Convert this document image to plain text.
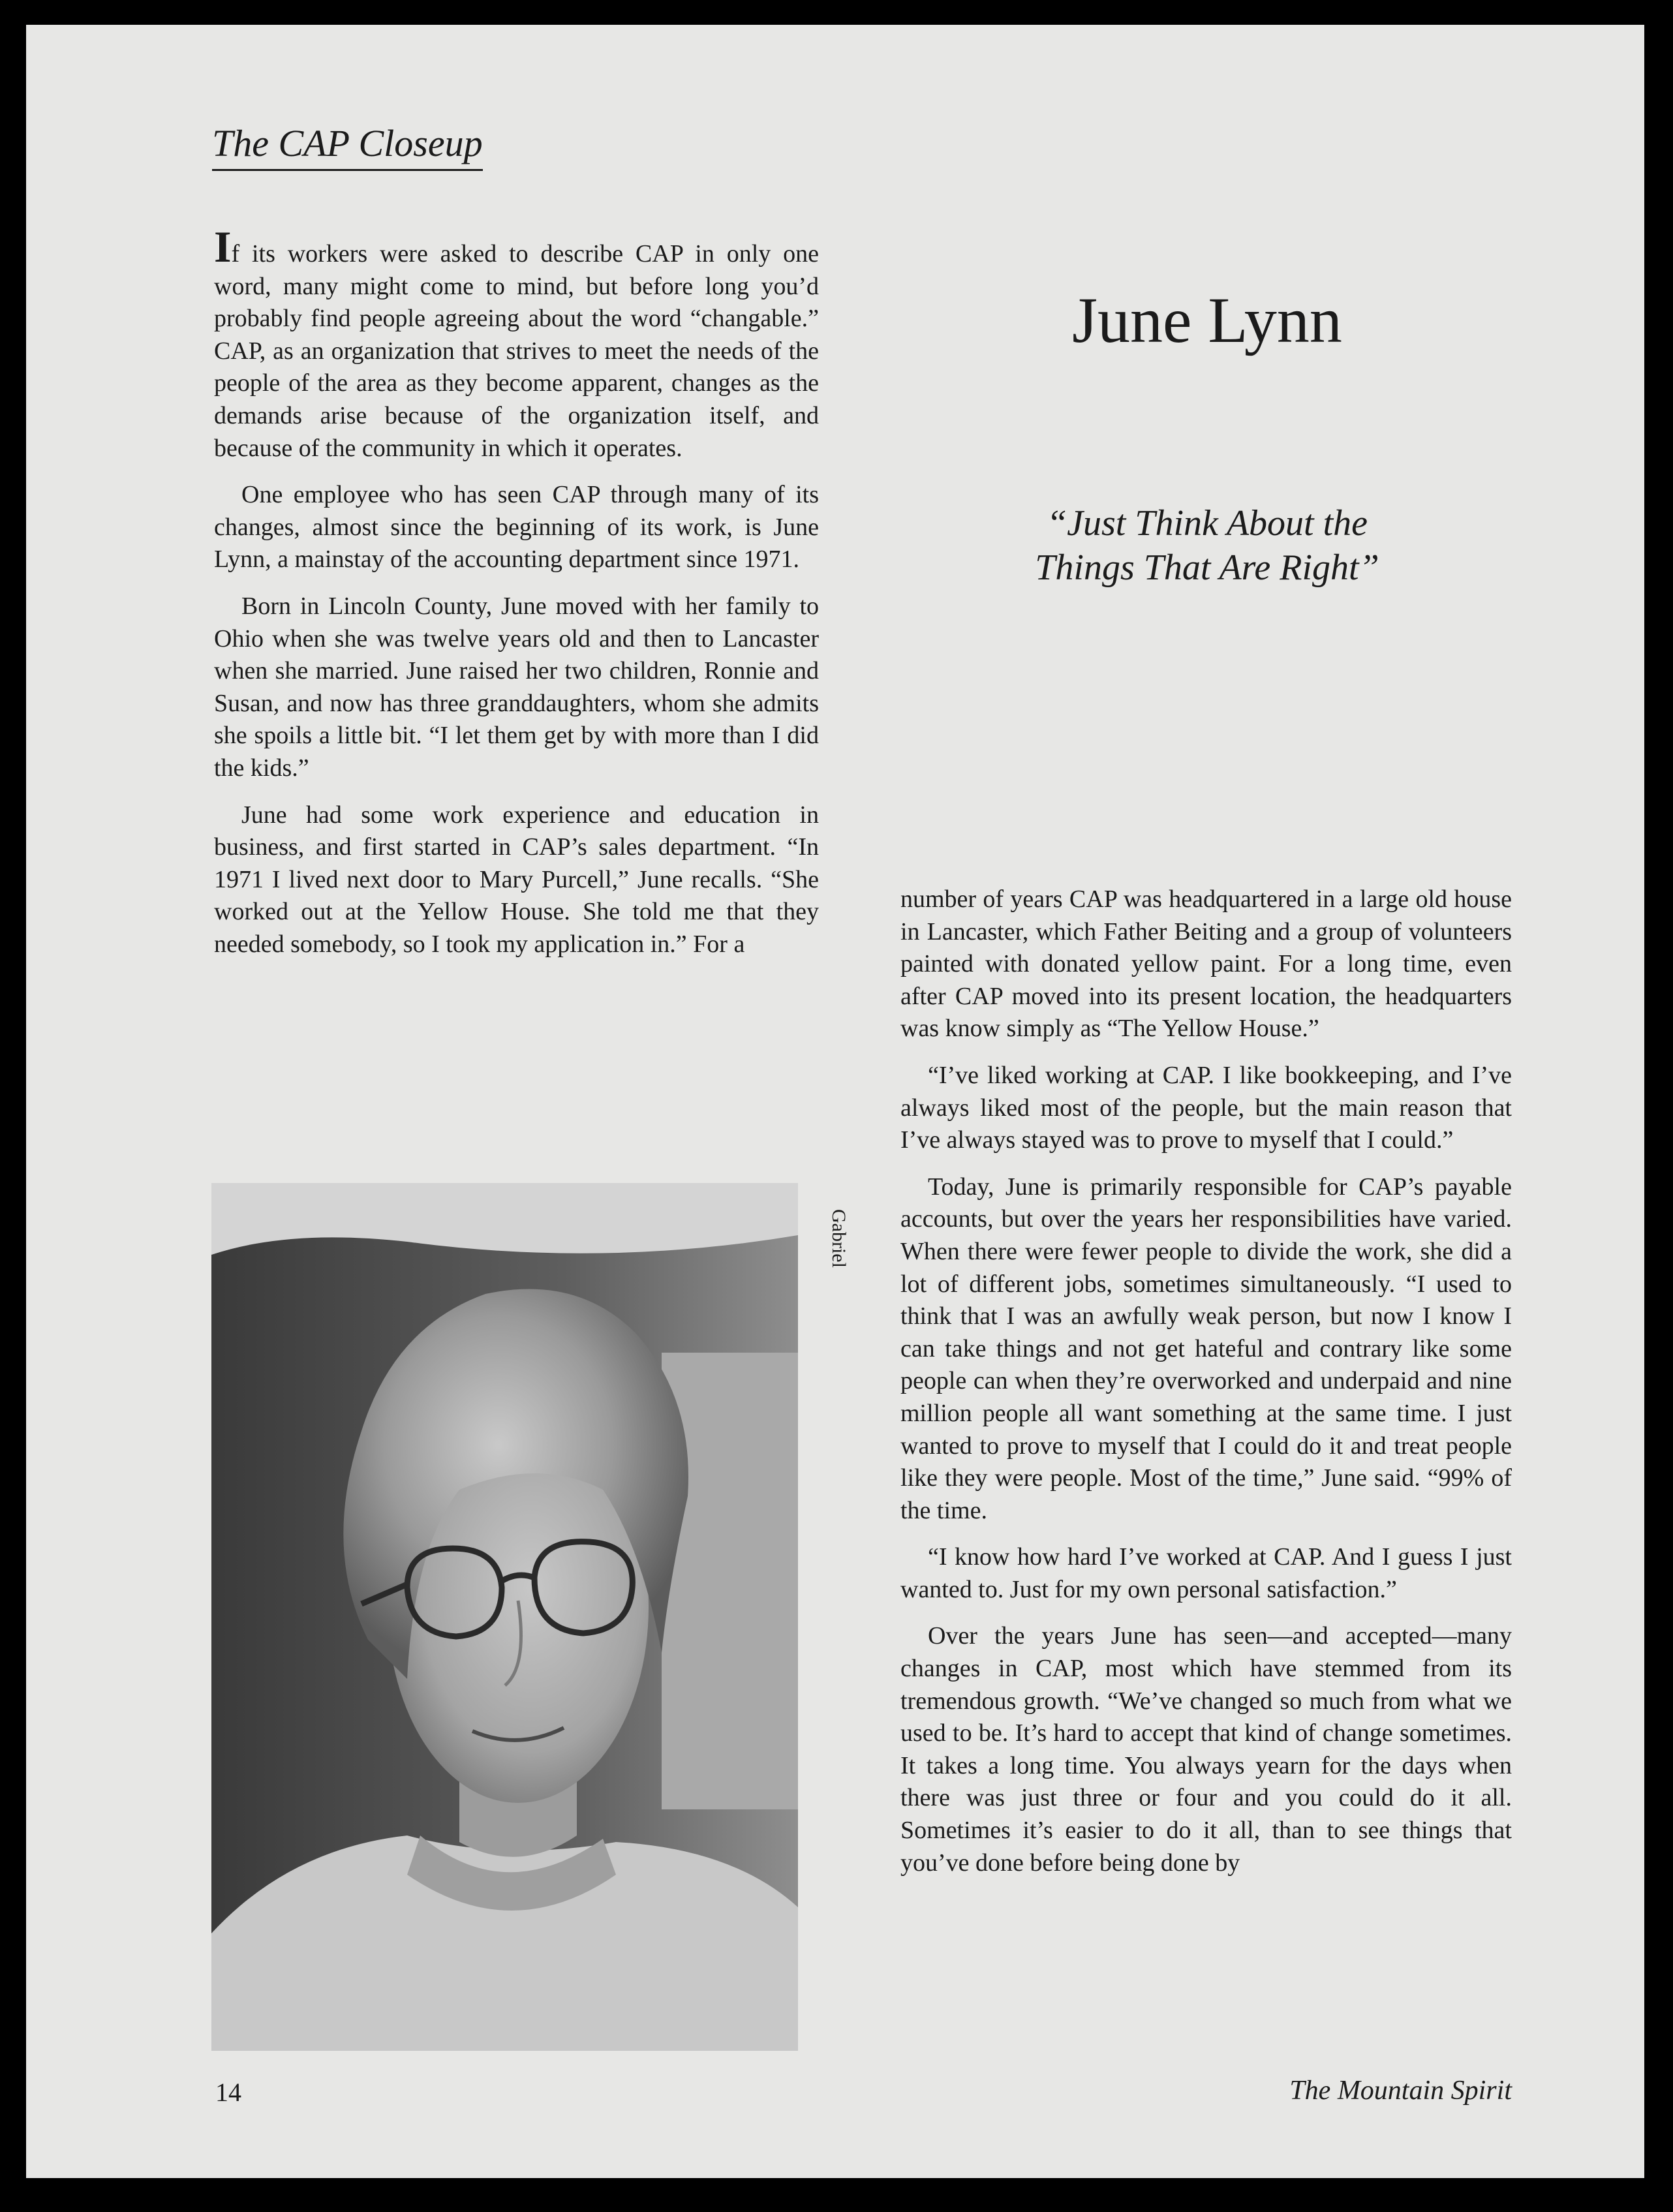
The CAP Closeup

If its workers were asked to describe CAP in only one word, many might come to mind, but before long you’d probably find people agreeing about the word “changable.” CAP, as an organization that strives to meet the needs of the people of the area as they become apparent, changes as the demands arise because of the organization itself, and because of the community in which it operates.

One employee who has seen CAP through many of its changes, almost since the beginning of its work, is June Lynn, a mainstay of the accounting department since 1971.

Born in Lincoln County, June moved with her family to Ohio when she was twelve years old and then to Lancaster when she married. June raised her two children, Ronnie and Susan, and now has three granddaughters, whom she admits she spoils a little bit. “I let them get by with more than I did the kids.”

June had some work experience and education in business, and first started in CAP’s sales department. “In 1971 I lived next door to Mary Purcell,” June recalls. “She worked out at the Yellow House. She told me that they needed somebody, so I took my application in.” For a

June Lynn
“Just Think About the
Things That Are Right”

number of years CAP was headquartered in a large old house in Lancaster, which Father Beiting and a group of volunteers painted with donated yellow paint. For a long time, even after CAP moved into its present location, the headquarters was know simply as “The Yellow House.”

“I’ve liked working at CAP. I like bookkeeping, and I’ve always liked most of the people, but the main reason that I’ve always stayed was to prove to myself that I could.”

Today, June is primarily responsible for CAP’s payable accounts, but over the years her responsibilities have varied. When there were fewer people to divide the work, she did a lot of different jobs, sometimes simultaneously. “I used to think that I was an awfully weak person, but now I know I can take things and not get hateful and contrary like some people can when they’re overworked and underpaid and nine million people all want something at the same time. I just wanted to prove to myself that I could do it and treat people like they were people. Most of the time,” June said. “99% of the time.

“I know how hard I’ve worked at CAP. And I guess I just wanted to. Just for my own personal satisfaction.”

Over the years June has seen—and accepted—many changes in CAP, most which have stemmed from its tremendous growth. “We’ve changed so much from what we used to be. It’s hard to accept that kind of change sometimes. It takes a long time. You always yearn for the days when there was just three or four and you could do it all. Sometimes it’s easier to do it all, than to see things that you’ve done before being done by

Gabriel
14	The Mountain Spirit
